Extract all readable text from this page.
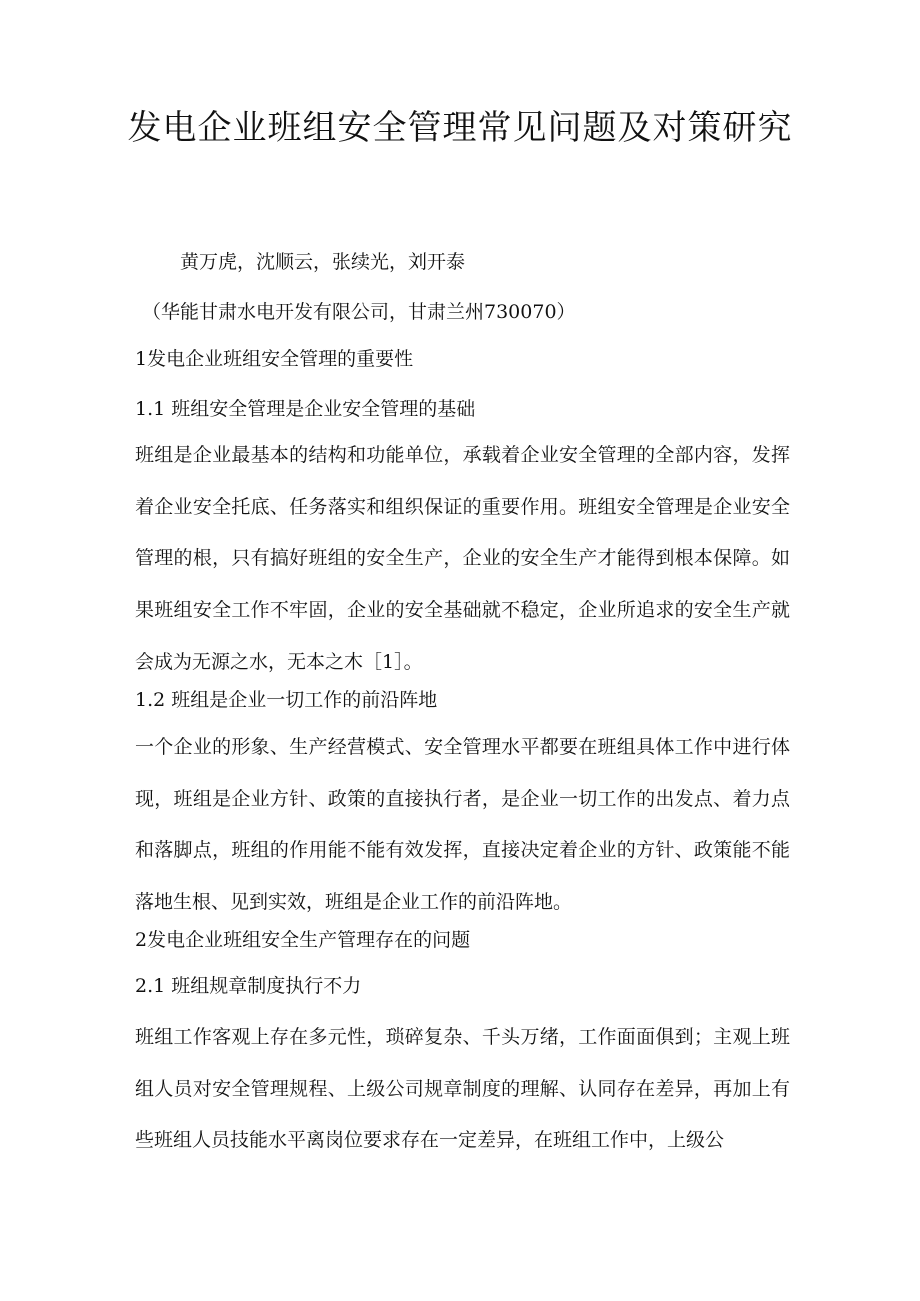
发电企业班组安全管理常见问题及对策研究

黄万虎，沈顺云，张续光，刘开泰

（华能甘肃水电开发有限公司，甘肃兰州730070）

1发电企业班组安全管理的重要性

1.1 班组安全管理是企业安全管理的基础

班组是企业最基本的结构和功能单位，承载着企业安全管理的全部内容，发挥着企业安全托底、任务落实和组织保证的重要作用。班组安全管理是企业安全管理的根，只有搞好班组的安全生产，企业的安全生产才能得到根本保障。如果班组安全工作不牢固，企业的安全基础就不稳定，企业所追求的安全生产就会成为无源之水，无本之木［1］。

1.2 班组是企业一切工作的前沿阵地

一个企业的形象、生产经营模式、安全管理水平都要在班组具体工作中进行体现，班组是企业方针、政策的直接执行者，是企业一切工作的出发点、着力点和落脚点，班组的作用能不能有效发挥，直接决定着企业的方针、政策能不能落地生根、见到实效，班组是企业工作的前沿阵地。

2发电企业班组安全生产管理存在的问题

2.1 班组规章制度执行不力

班组工作客观上存在多元性，琐碎复杂、千头万绪，工作面面俱到；主观上班组人员对安全管理规程、上级公司规章制度的理解、认同存在差异，再加上有些班组人员技能水平离岗位要求存在一定差异，在班组工作中，上级公
